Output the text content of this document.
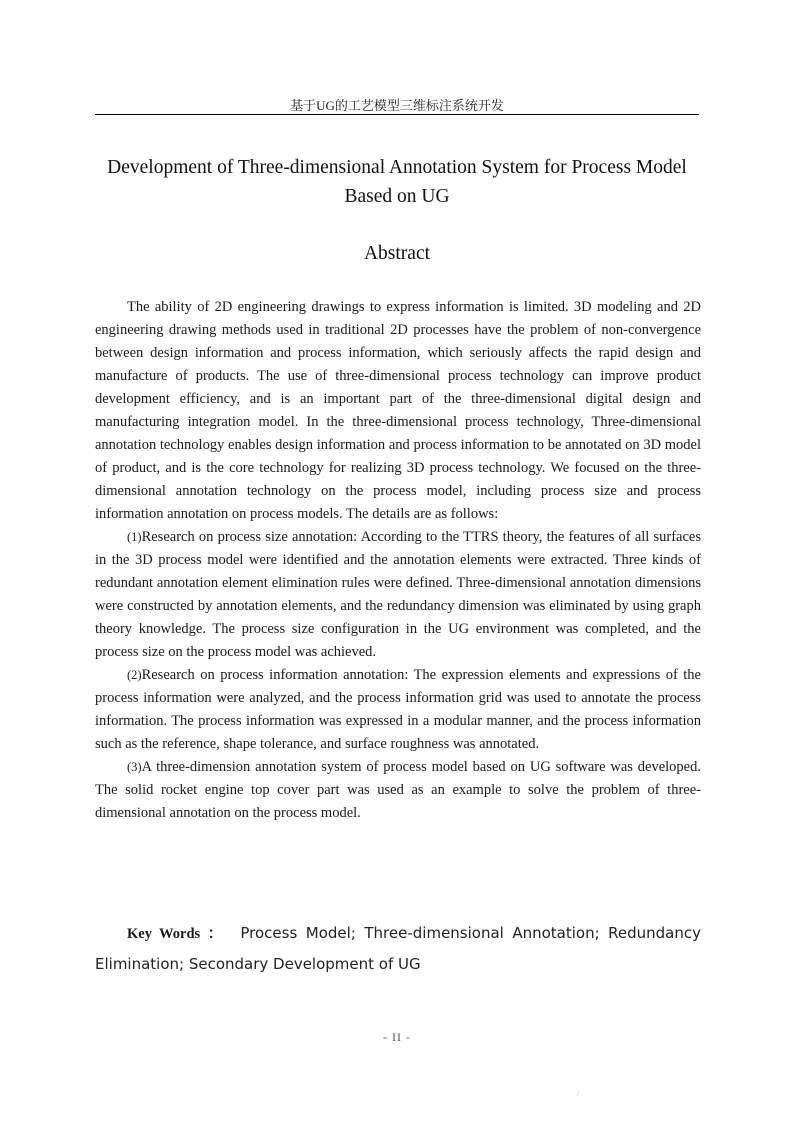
基于UG的工艺模型三维标注系统开发
Development of Three-dimensional Annotation System for Process Model
Based on UG
Abstract

The ability of 2D engineering drawings to express information is limited. 3D modeling and 2D engineering drawing methods used in traditional 2D processes have the problem of non-convergence between design information and process information, which seriously affects the rapid design and manufacture of products. The use of three-dimensional process technology can improve product development efficiency, and is an important part of the three-dimensional digital design and manufacturing integration model. In the three-dimensional process technology, Three-dimensional annotation technology enables design information and process information to be annotated on 3D model of product, and is the core technology for realizing 3D process technology. We focused on the three-dimensional annotation technology on the process model, including process size and process information annotation on process models. The details are as follows:

(1)Research on process size annotation: According to the TTRS theory, the features of all surfaces in the 3D process model were identified and the annotation elements were extracted. Three kinds of redundant annotation element elimination rules were defined. Three-dimensional annotation dimensions were constructed by annotation elements, and the redundancy dimension was eliminated by using graph theory knowledge. The process size configuration in the UG environment was completed, and the process size on the process model was achieved.

(2)Research on process information annotation: The expression elements and expressions of the process information were analyzed, and the process information grid was used to annotate the process information. The process information was expressed in a modular manner, and the process information such as the reference, shape tolerance, and surface roughness was annotated.

(3)A three-dimension annotation system of process model based on UG software was developed. The solid rocket engine top cover part was used as an example to solve the problem of three-dimensional annotation on the process model.

Key Words ： Process Model; Three-dimensional Annotation; Redundancy Elimination; Secondary Development of UG
- II -
/
